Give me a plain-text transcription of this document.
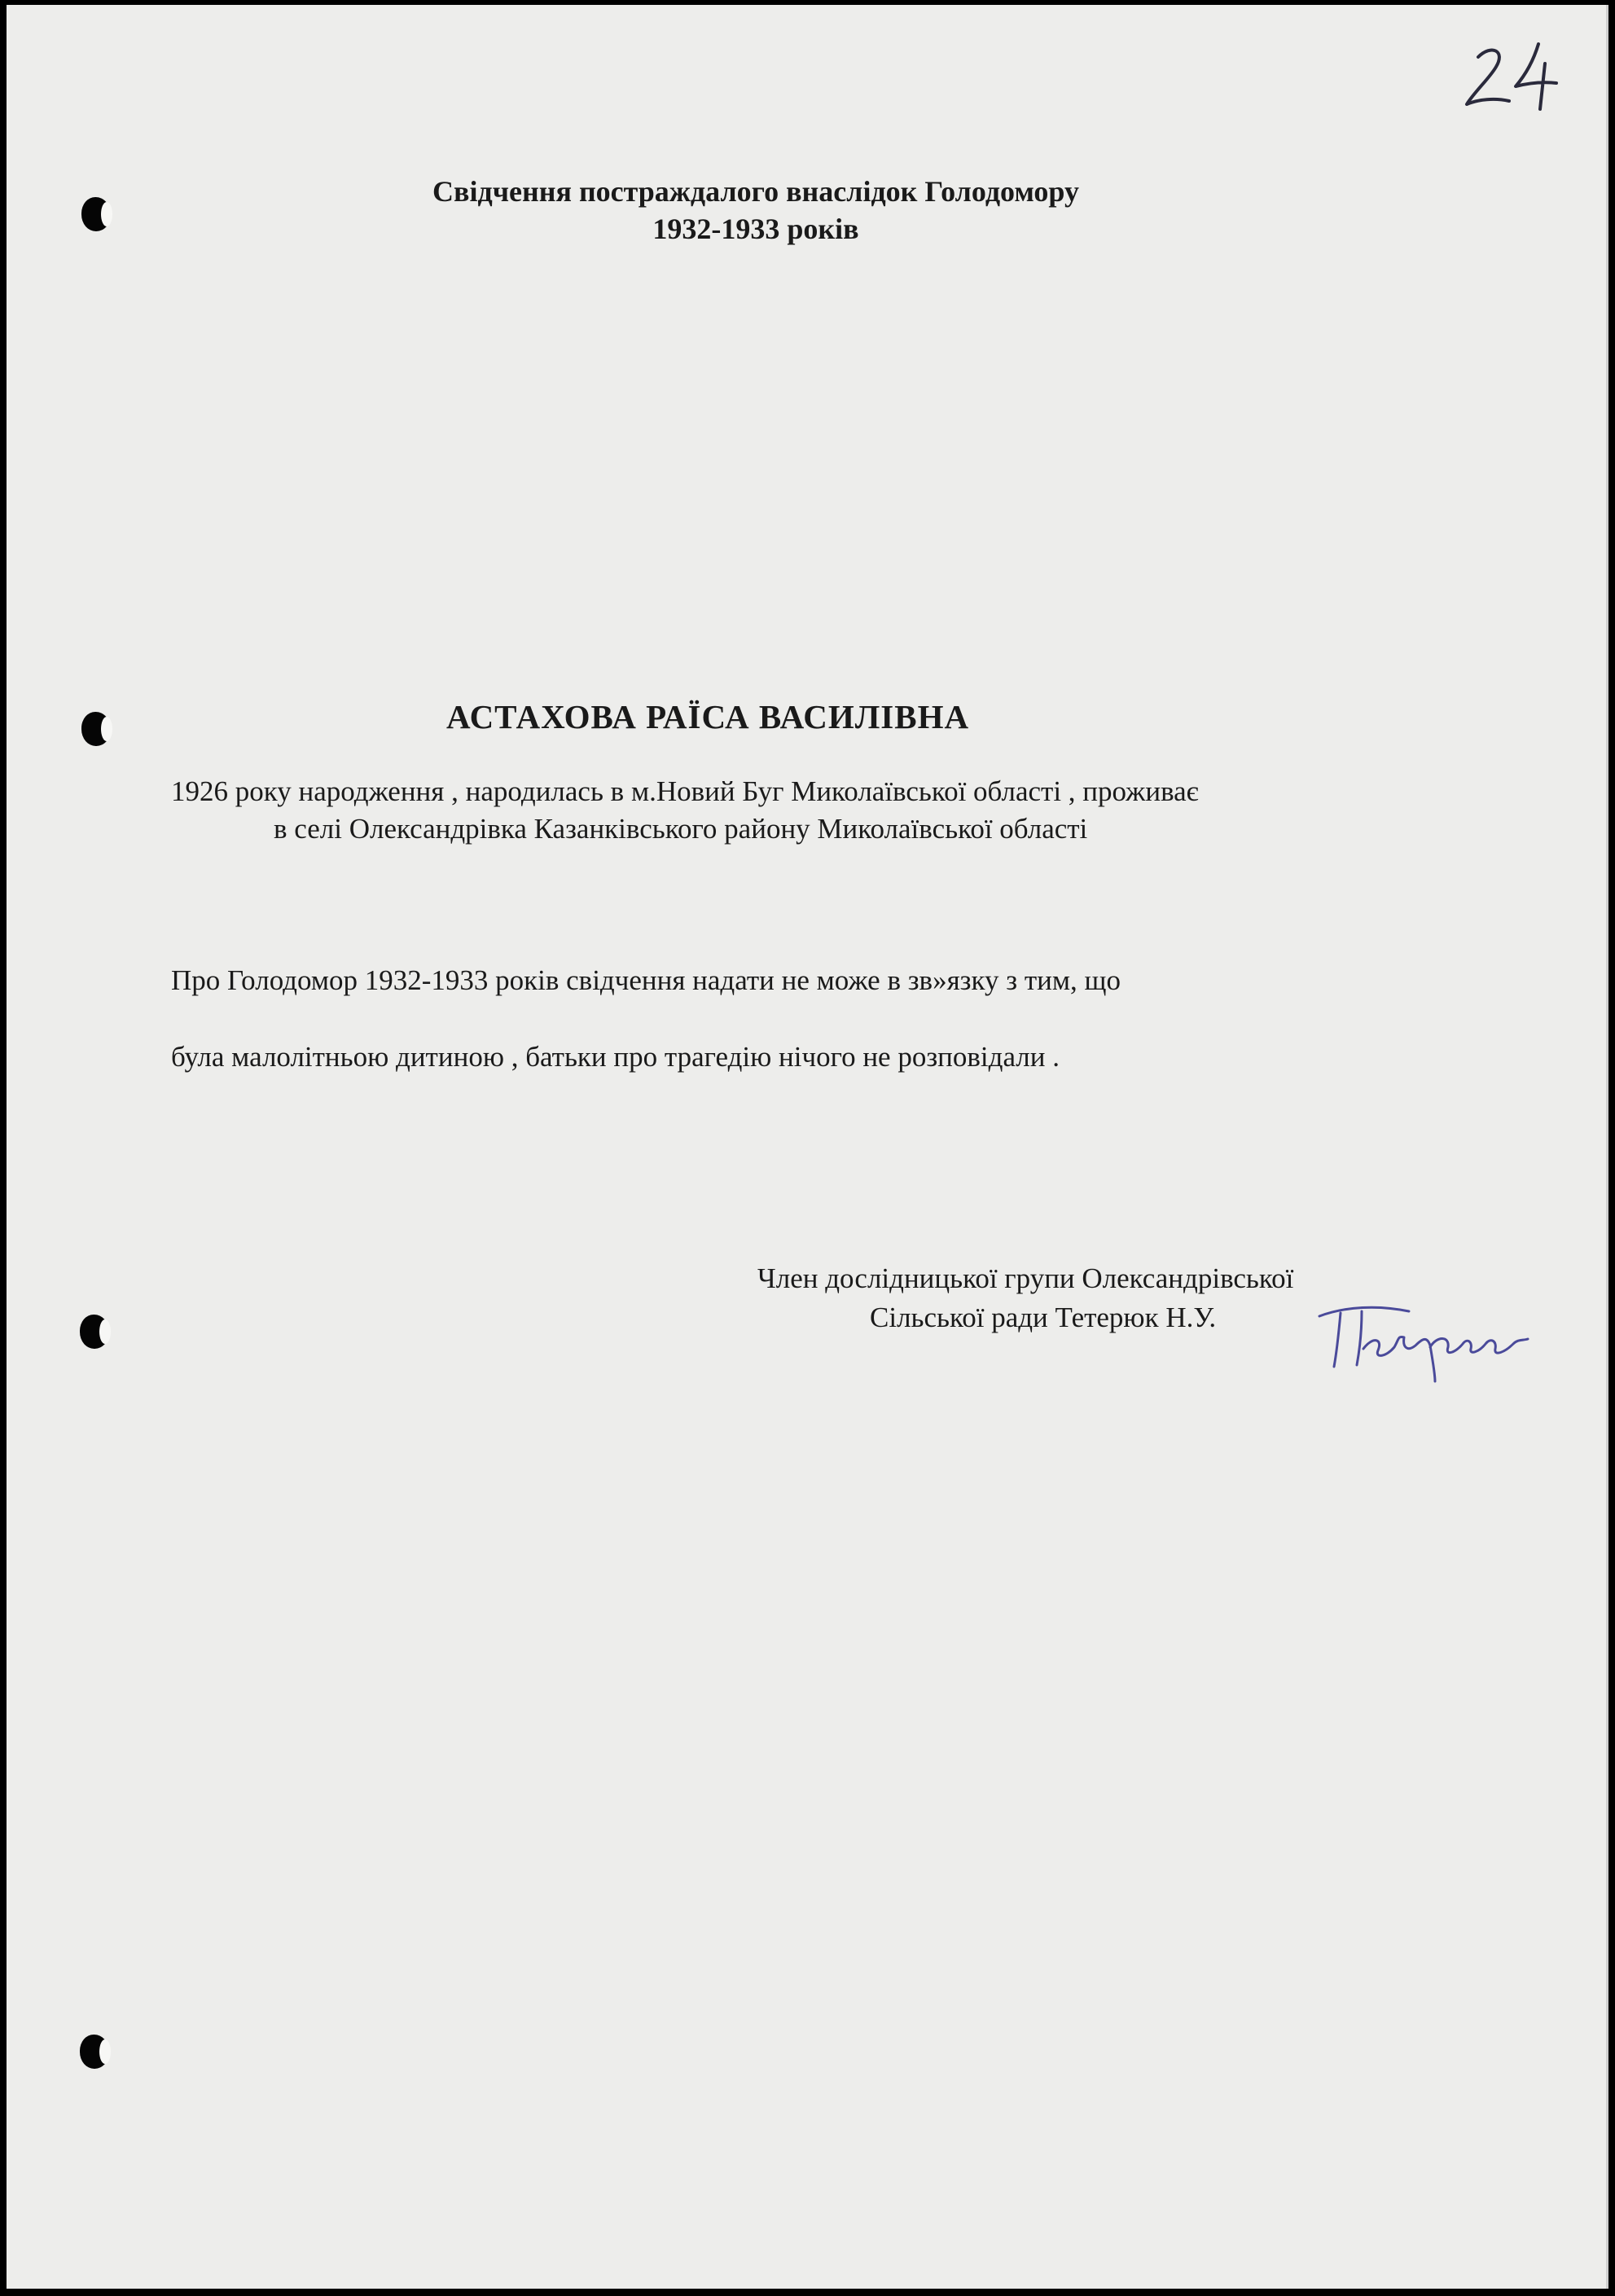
Свідчення постраждалого внаслідок Голодомору
1932-1933 років
АСТАХОВА РАЇСА ВАСИЛІВНА
1926 року народження , народилась в м.Новий Буг Миколаївської області , проживає
в селі Олександрівка Казанківського району Миколаївської області
Про Голодомор 1932-1933 років свідчення надати не може в зв»язку з тим, що
була малолітньою дитиною , батьки про трагедію нічого не розповідали .
Член дослідницької групи Олександрівської
Сільської ради Тетерюк Н.У.
